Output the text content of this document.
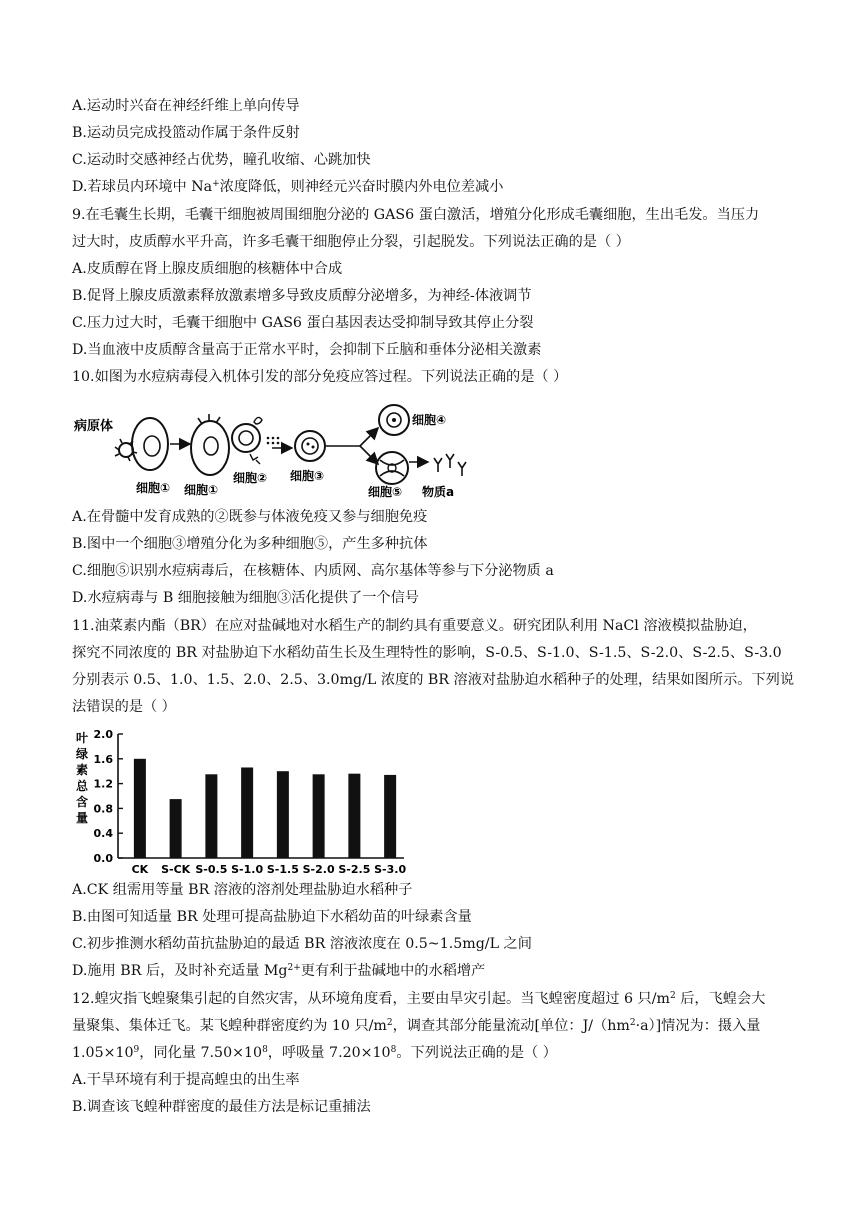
A.运动时兴奋在神经纤维上单向传导
B.运动员完成投篮动作属于条件反射
C.运动时交感神经占优势，瞳孔收缩、心跳加快
D.若球员内环境中 Na+浓度降低，则神经元兴奋时膜内外电位差减小
9.在毛囊生长期，毛囊干细胞被周围细胞分泌的 GAS6 蛋白激活，增殖分化形成毛囊细胞，生出毛发。当压力
过大时，皮质醇水平升高，许多毛囊干细胞停止分裂，引起脱发。下列说法正确的是（ ）
A.皮质醇在肾上腺皮质细胞的核糖体中合成
B.促肾上腺皮质激素释放激素增多导致皮质醇分泌增多，为神经-体液调节
C.压力过大时，毛囊干细胞中 GAS6 蛋白基因表达受抑制导致其停止分裂
D.当血液中皮质醇含量高于正常水平时，会抑制下丘脑和垂体分泌相关激素
10.如图为水痘病毒侵入机体引发的部分免疫应答过程。下列说法正确的是（ ）
病原体
细胞① 细胞①
细胞② 细胞③
细胞④
细胞⑤ 物质a
A.在骨髓中发育成熟的②既参与体液免疫又参与细胞免疫
B.图中一个细胞③增殖分化为多种细胞⑤，产生多种抗体
C.细胞⑤识别水痘病毒后，在核糖体、内质网、高尔基体等参与下分泌物质 a
D.水痘病毒与 B 细胞接触为细胞③活化提供了一个信号
11.油菜素内酯（BR）在应对盐碱地对水稻生产的制约具有重要意义。研究团队利用 NaCl 溶液模拟盐胁迫，
探究不同浓度的 BR 对盐胁迫下水稻幼苗生长及生理特性的影响，S-0.5、S-1.0、S-1.5、S-2.0、S-2.5、S-3.0
分别表示 0.5、1.0、1.5、2.0、2.5、3.0mg/L 浓度的 BR 溶液对盐胁迫水稻种子的处理，结果如图所示。下列说
法错误的是（ ）
叶
绿
素
总
含
量
0.0
0.4
0.8
1.2
1.6
2.0
CK S-CK S-0.5 S-1.0 S-1.5 S-2.0 S-2.5 S-3.0
A.CK 组需用等量 BR 溶液的溶剂处理盐胁迫水稻种子
B.由图可知适量 BR 处理可提高盐胁迫下水稻幼苗的叶绿素含量
C.初步推测水稻幼苗抗盐胁迫的最适 BR 溶液浓度在 0.5~1.5mg/L 之间
D.施用 BR 后，及时补充适量 $Mg^{2+}$更有利于盐碱地中的水稻增产
12.蝗灾指飞蝗聚集引起的自然灾害，从环境角度看，主要由旱灾引起。当飞蝗密度超过 6 只$/m^2$ 后，飞蝗会大
量聚集、集体迁飞。某飞蝗种群密度约为 10 只$/m^2$，调查其部分能量流动[单位：$J/(hm^2\cdot a)$]情况为：摄入量
$1.05\times 10^9$，同化量 $7.50\times 10^8$，呼吸量 $7.20\times 10^8$。下列说法正确的是（ ）
A.干旱环境有利于提高蝗虫的出生率
B.调查该飞蝗种群密度的最佳方法是标记重捕法
